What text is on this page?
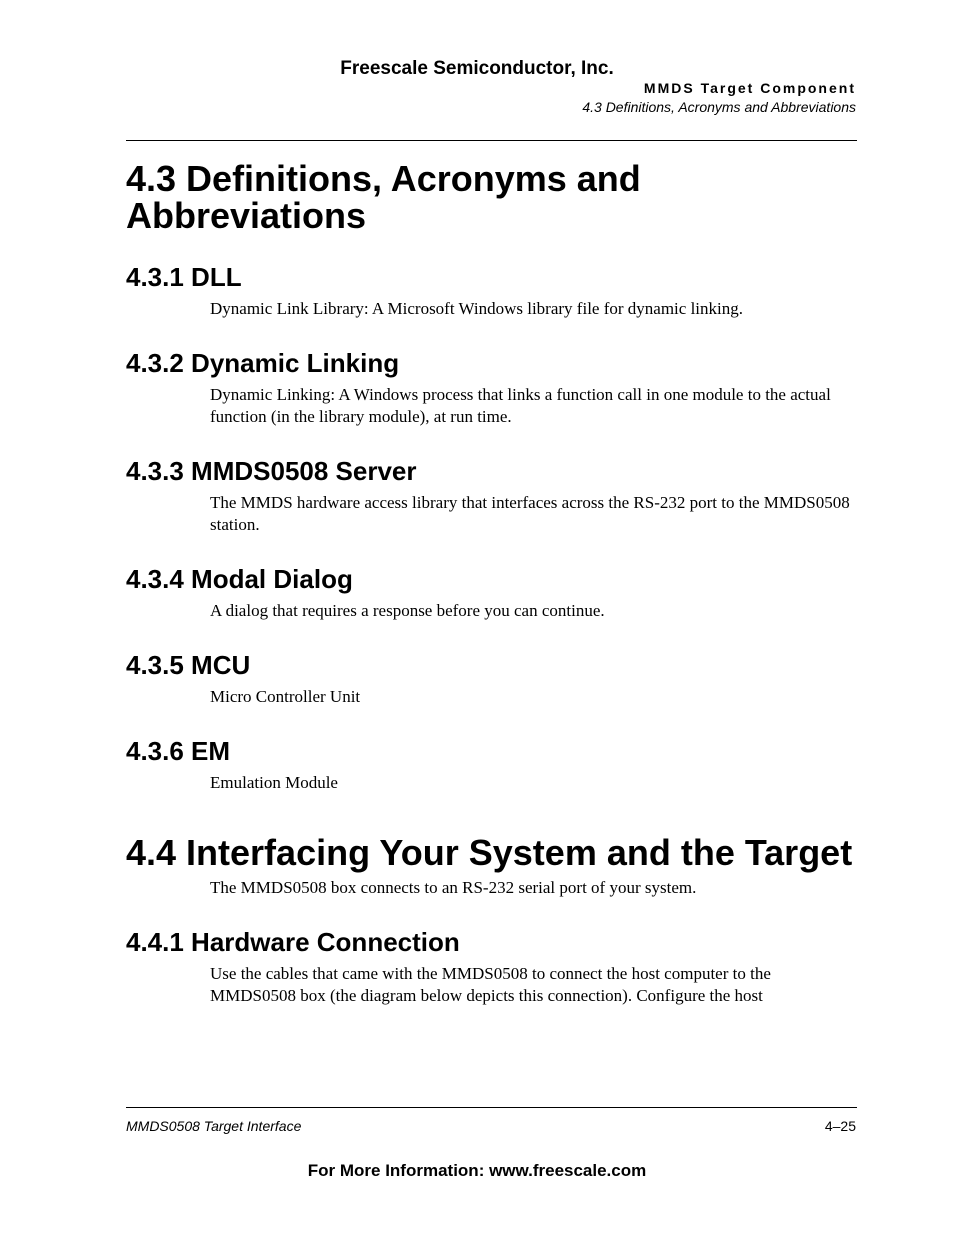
Freescale Semiconductor, Inc.
MMDS Target Component
4.3 Definitions, Acronyms and Abbreviations
4.3 Definitions, Acronyms and Abbreviations
4.3.1 DLL

Dynamic Link Library: A Microsoft Windows library file for dynamic linking.

4.3.2 Dynamic Linking

Dynamic Linking: A Windows process that links a function call in one module to the actual function (in the library module), at run time.

4.3.3 MMDS0508 Server

The MMDS hardware access library that interfaces across the RS-232 port to the MMDS0508 station.

4.3.4 Modal Dialog

A dialog that requires a response before you can continue.

4.3.5 MCU

Micro Controller Unit

4.3.6 EM

Emulation Module

4.4 Interfacing Your System and the Target

The MMDS0508 box connects to an RS-232 serial port of your system.

4.4.1 Hardware Connection

Use the cables that came with the MMDS0508 to connect the host computer to the MMDS0508 box (the diagram below depicts this connection). Configure the host

MMDS0508 Target Interface	4–25
For More Information: www.freescale.com
